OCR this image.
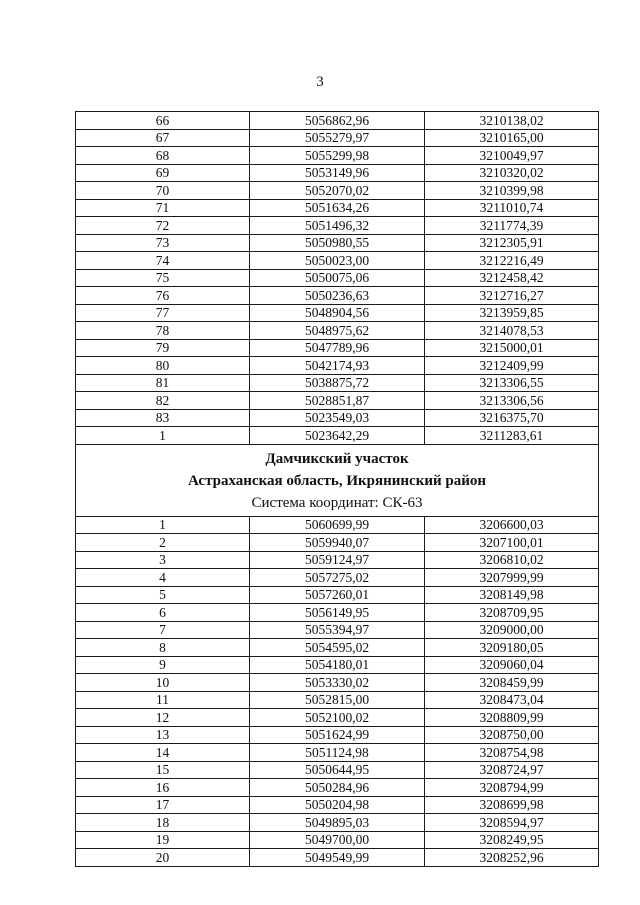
3
66	5056862,96	3210138,02
67	5055279,97	3210165,00
68	5055299,98	3210049,97
69	5053149,96	3210320,02
70	5052070,02	3210399,98
71	5051634,26	3211010,74
72	5051496,32	3211774,39
73	5050980,55	3212305,91
74	5050023,00	3212216,49
75	5050075,06	3212458,42
76	5050236,63	3212716,27
77	5048904,56	3213959,85
78	5048975,62	3214078,53
79	5047789,96	3215000,01
80	5042174,93	3212409,99
81	5038875,72	3213306,55
82	5028851,87	3213306,56
83	5023549,03	3216375,70
1	5023642,29	3211283,61

Дамчикский участок
Астраханская область, Икрянинский район
Система координат: СК-63		

1	5060699,99	3206600,03
2	5059940,07	3207100,01
3	5059124,97	3206810,02
4	5057275,02	3207999,99
5	5057260,01	3208149,98
6	5056149,95	3208709,95
7	5055394,97	3209000,00
8	5054595,02	3209180,05
9	5054180,01	3209060,04
10	5053330,02	3208459,99
11	5052815,00	3208473,04
12	5052100,02	3208809,99
13	5051624,99	3208750,00
14	5051124,98	3208754,98
15	5050644,95	3208724,97
16	5050284,96	3208794,99
17	5050204,98	3208699,98
18	5049895,03	3208594,97
19	5049700,00	3208249,95
20	5049549,99	3208252,96
